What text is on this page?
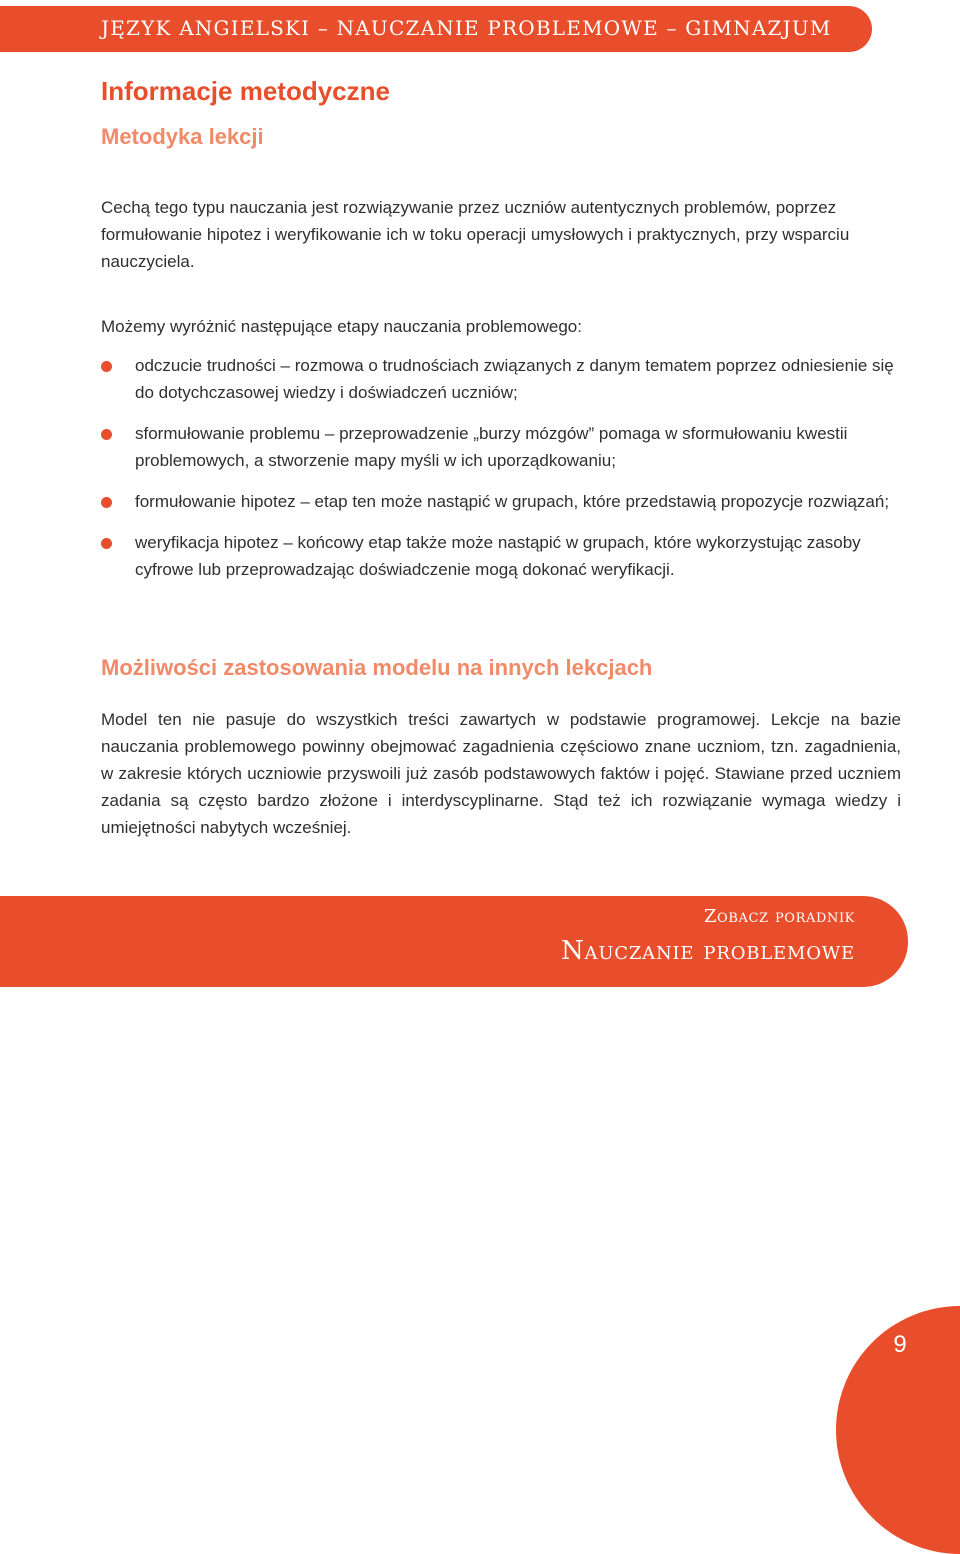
JĘZYK ANGIELSKI – NAUCZANIE PROBLEMOWE – GIMNAZJUM
Informacje metodyczne
Metodyka lekcji

Cechą tego typu nauczania jest rozwiązywanie przez uczniów autentycznych problemów, poprzez formułowanie hipotez i weryfikowanie ich w toku operacji umysłowych i praktycznych, przy wsparciu nauczyciela.

Możemy wyróżnić następujące etapy nauczania problemowego:

odczucie trudności – rozmowa o trudnościach związanych z danym tematem poprzez odniesienie się do dotychczasowej wiedzy i doświadczeń uczniów;
sformułowanie problemu – przeprowadzenie „burzy mózgów” pomaga w sformułowaniu kwestii problemowych, a stworzenie mapy myśli w ich uporządkowaniu;
formułowanie hipotez – etap ten może nastąpić w grupach, które przedstawią propozycje rozwiązań;
weryfikacja hipotez – końcowy etap także może nastąpić w grupach, które wykorzystując zasoby cyfrowe lub przeprowadzając doświadczenie mogą dokonać weryfikacji.
Możliwości zastosowania modelu na innych lekcjach

Model ten nie pasuje do wszystkich treści zawartych w podstawie programowej. Lekcje na bazie nauczania problemowego powinny obejmować zagadnienia częściowo znane uczniom, tzn. zagadnienia, w zakresie których uczniowie przyswoili już zasób podstawowych faktów i pojęć. Stawiane przed uczniem zadania są często bardzo złożone i interdyscyplinarne. Stąd też ich rozwiązanie wymaga wiedzy i umiejętności nabytych wcześniej.

Zobacz poradnik

Nauczanie problemowe

9
